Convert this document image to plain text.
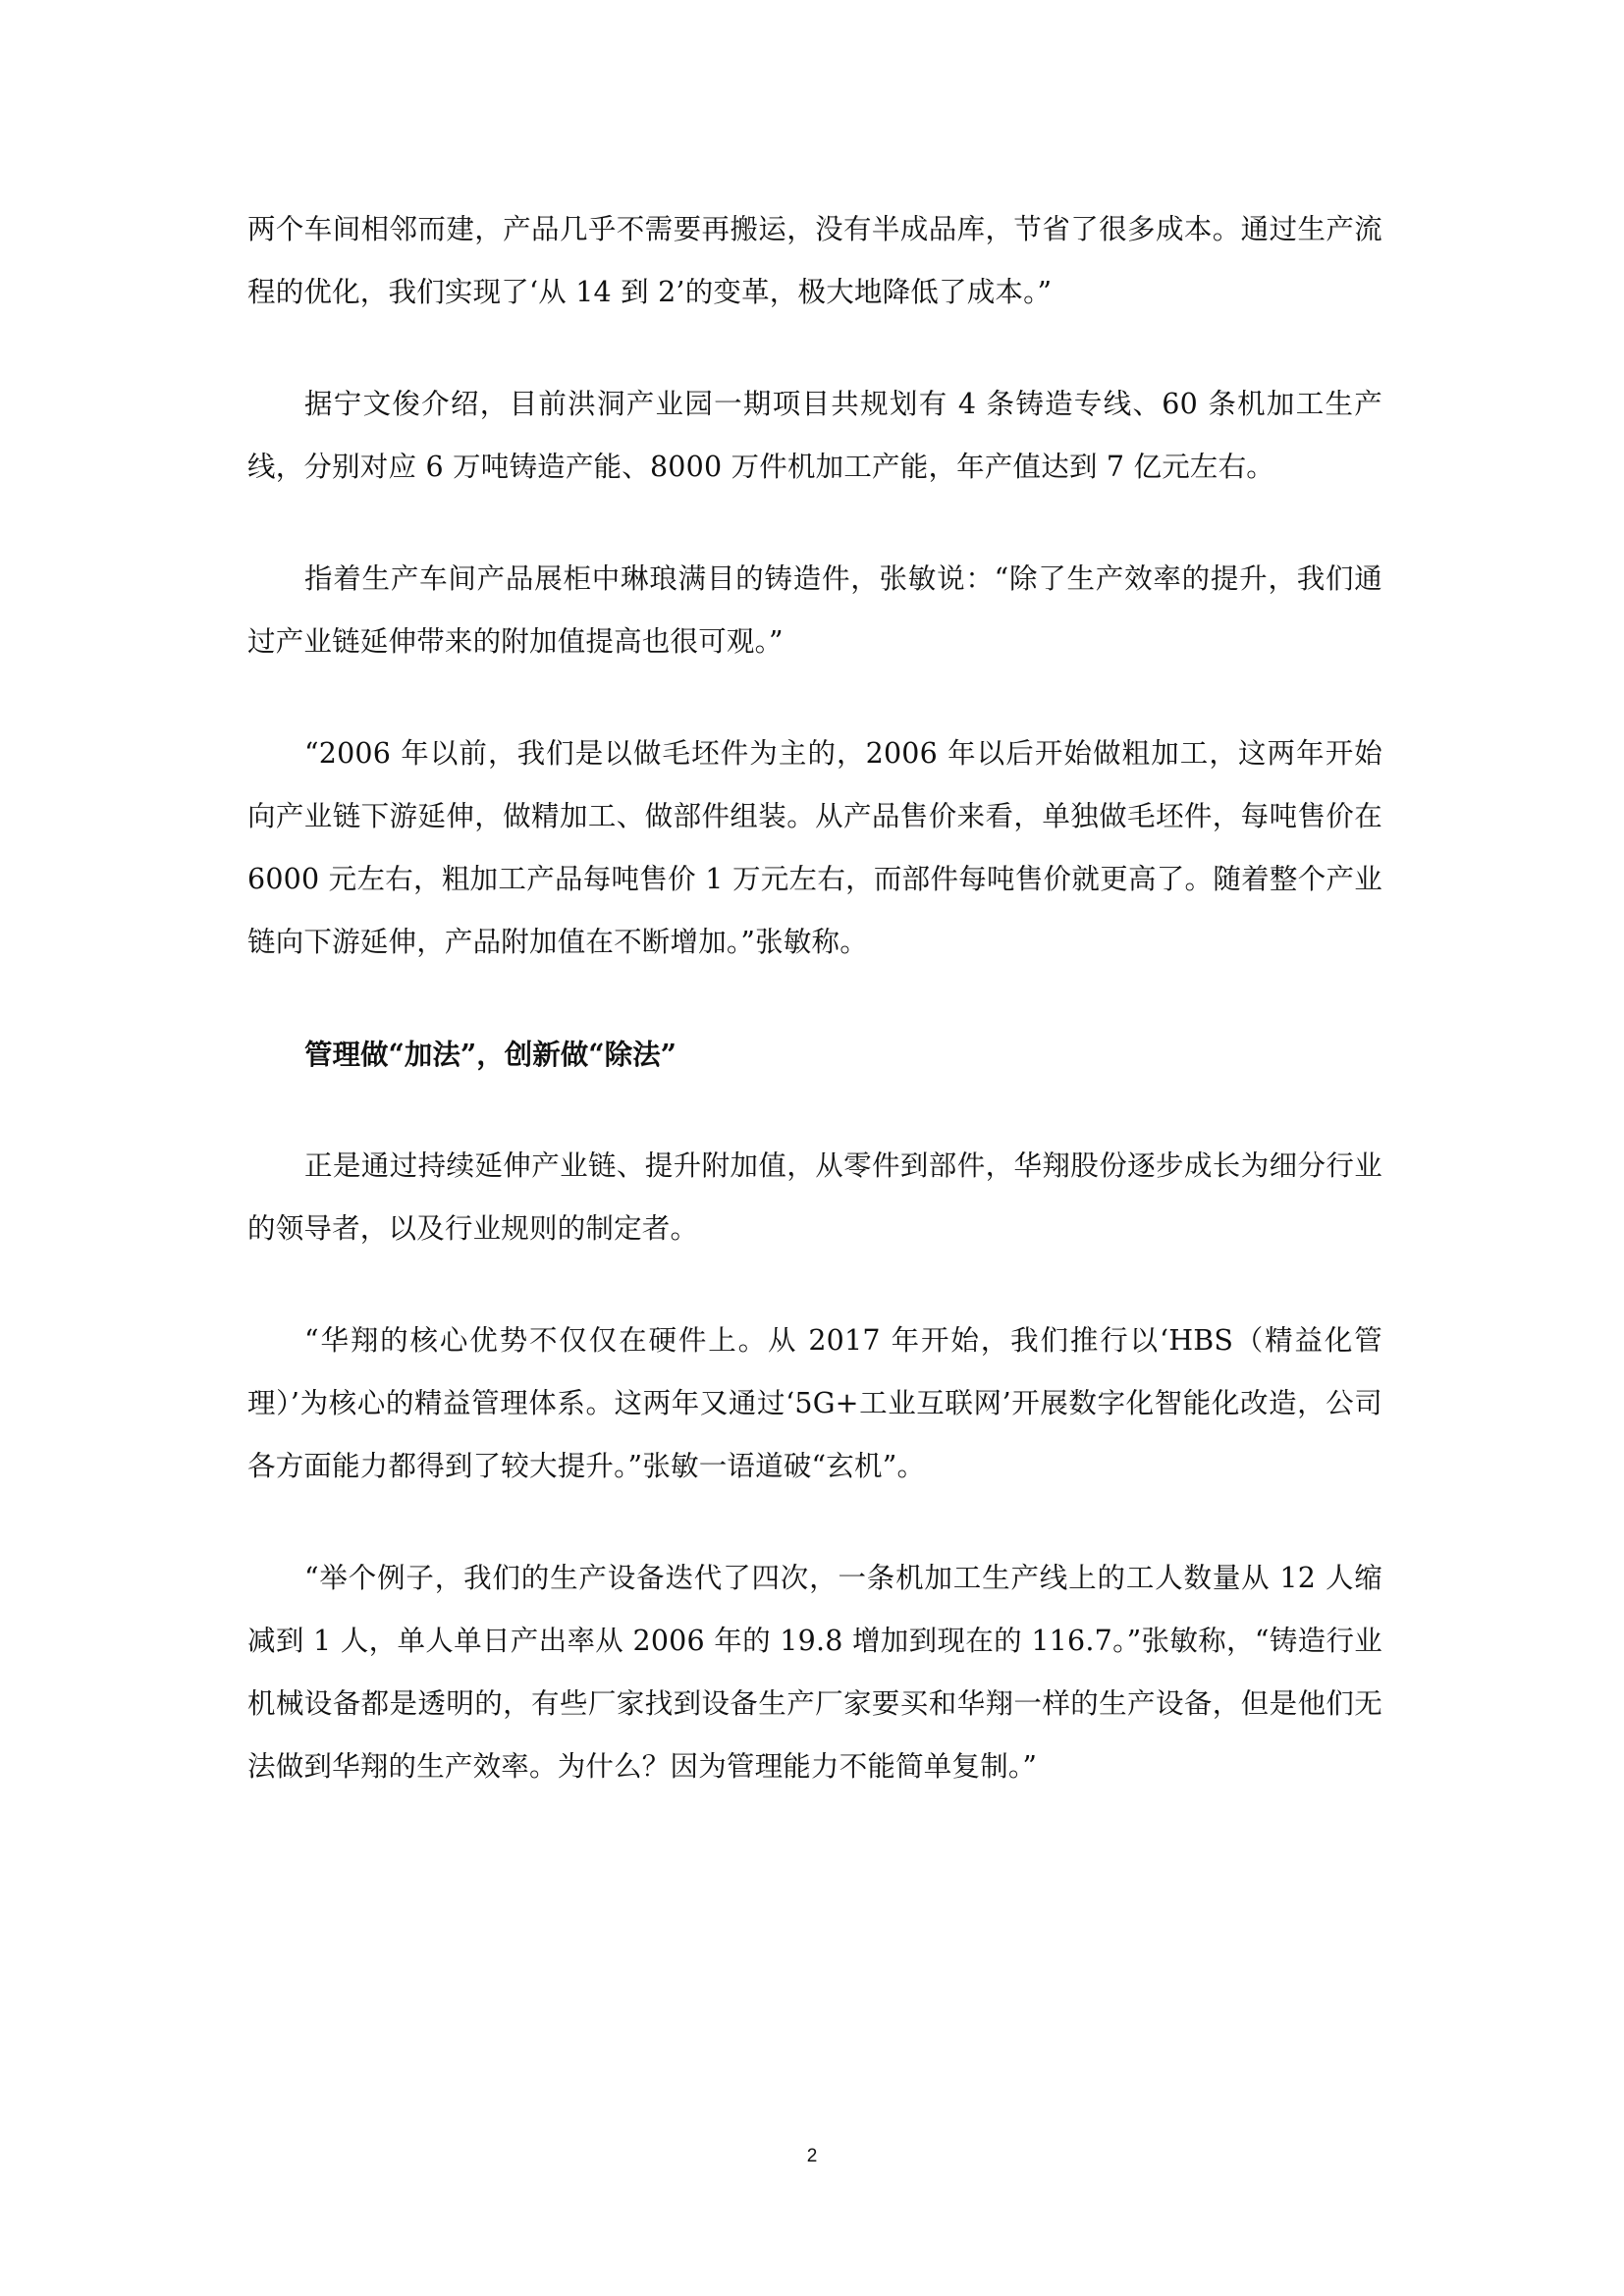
两个车间相邻而建，产品几乎不需要再搬运，没有半成品库，节省了很多成本。通过生产流程的优化，我们实现了‘从 14 到 2’的变革，极大地降低了成本。”

据宁文俊介绍，目前洪洞产业园一期项目共规划有 4 条铸造专线、60 条机加工生产线，分别对应 6 万吨铸造产能、8000 万件机加工产能，年产值达到 7 亿元左右。

指着生产车间产品展柜中琳琅满目的铸造件，张敏说：“除了生产效率的提升，我们通过产业链延伸带来的附加值提高也很可观。”

“2006 年以前，我们是以做毛坯件为主的，2006 年以后开始做粗加工，这两年开始向产业链下游延伸，做精加工、做部件组装。从产品售价来看，单独做毛坯件，每吨售价在 6000 元左右，粗加工产品每吨售价 1 万元左右，而部件每吨售价就更高了。随着整个产业链向下游延伸，产品附加值在不断增加。”张敏称。

管理做“加法”，创新做“除法”

正是通过持续延伸产业链、提升附加值，从零件到部件，华翔股份逐步成长为细分行业的领导者，以及行业规则的制定者。

“华翔的核心优势不仅仅在硬件上。从 2017 年开始，我们推行以‘HBS（精益化管理）’为核心的精益管理体系。这两年又通过‘5G+工业互联网’开展数字化智能化改造，公司各方面能力都得到了较大提升。”张敏一语道破“玄机”。

“举个例子，我们的生产设备迭代了四次，一条机加工生产线上的工人数量从 12 人缩减到 1 人，单人单日产出率从 2006 年的 19.8 增加到现在的 116.7。”张敏称，“铸造行业机械设备都是透明的，有些厂家找到设备生产厂家要买和华翔一样的生产设备，但是他们无法做到华翔的生产效率。为什么？因为管理能力不能简单复制。”

2
